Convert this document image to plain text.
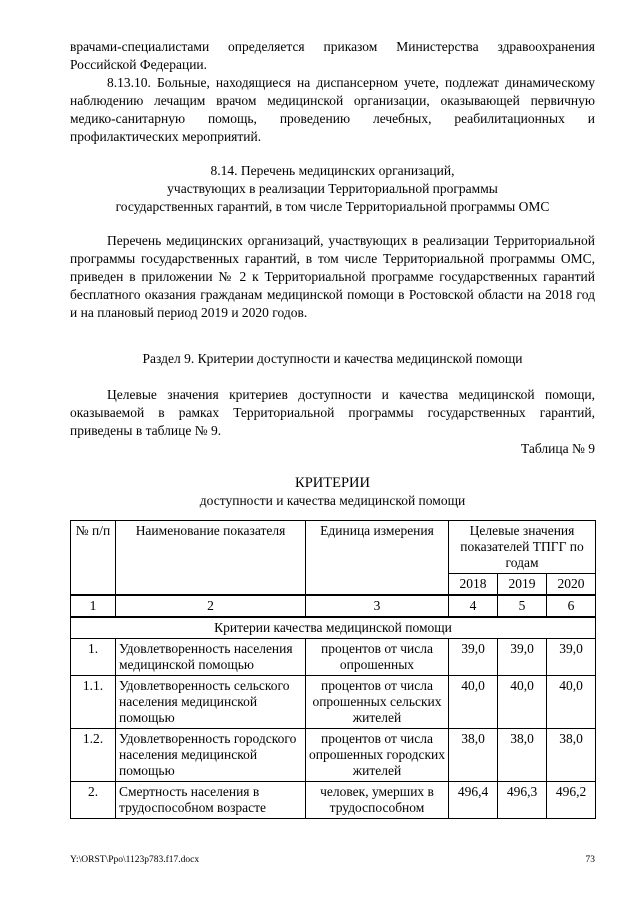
врачами-специалистами определяется приказом Министерства здравоохранения Российской Федерации.
8.13.10. Больные, находящиеся на диспансерном учете, подлежат динамическому наблюдению лечащим врачом медицинской организации, оказывающей первичную медико-санитарную помощь, проведению лечебных, реабилитационных и профилактических мероприятий.
8.14. Перечень медицинских организаций,
участвующих в реализации Территориальной программы
государственных гарантий, в том числе Территориальной программы ОМС
Перечень медицинских организаций, участвующих в реализации Территориальной программы государственных гарантий, в том числе Территориальной программы ОМС, приведен в приложении № 2 к Территориальной программе государственных гарантий бесплатного оказания гражданам медицинской помощи в Ростовской области на 2018 год и на плановый период 2019 и 2020 годов.
Раздел 9. Критерии доступности и качества медицинской помощи
Целевые значения критериев доступности и качества медицинской помощи, оказываемой в рамках Территориальной программы государственных гарантий, приведены в таблице № 9.
Таблица № 9
КРИТЕРИИ
доступности и качества медицинской помощи
№ п/п	Наименование показателя	Единица измерения	Целевые значения показателей ТПГГ по годам		
			2018	2019	2020
1	2	3	4	5	6
Критерии качества медицинской помощи					
1.	Удовлетворенность населения медицинской помощью	процентов от числа опрошенных	39,0	39,0	39,0
1.1.	Удовлетворенность сельского населения медицинской помощью	процентов от числа опрошенных сельских жителей	40,0	40,0	40,0
1.2.	Удовлетворенность городского населения медицинской помощью	процентов от числа опрошенных городских жителей	38,0	38,0	38,0
2.	Смертность населения в трудоспособном возрасте	человек, умерших в трудоспособном	496,4	496,3	496,2
Y:\ORST\Ppo\1123p783.f17.docx	73
